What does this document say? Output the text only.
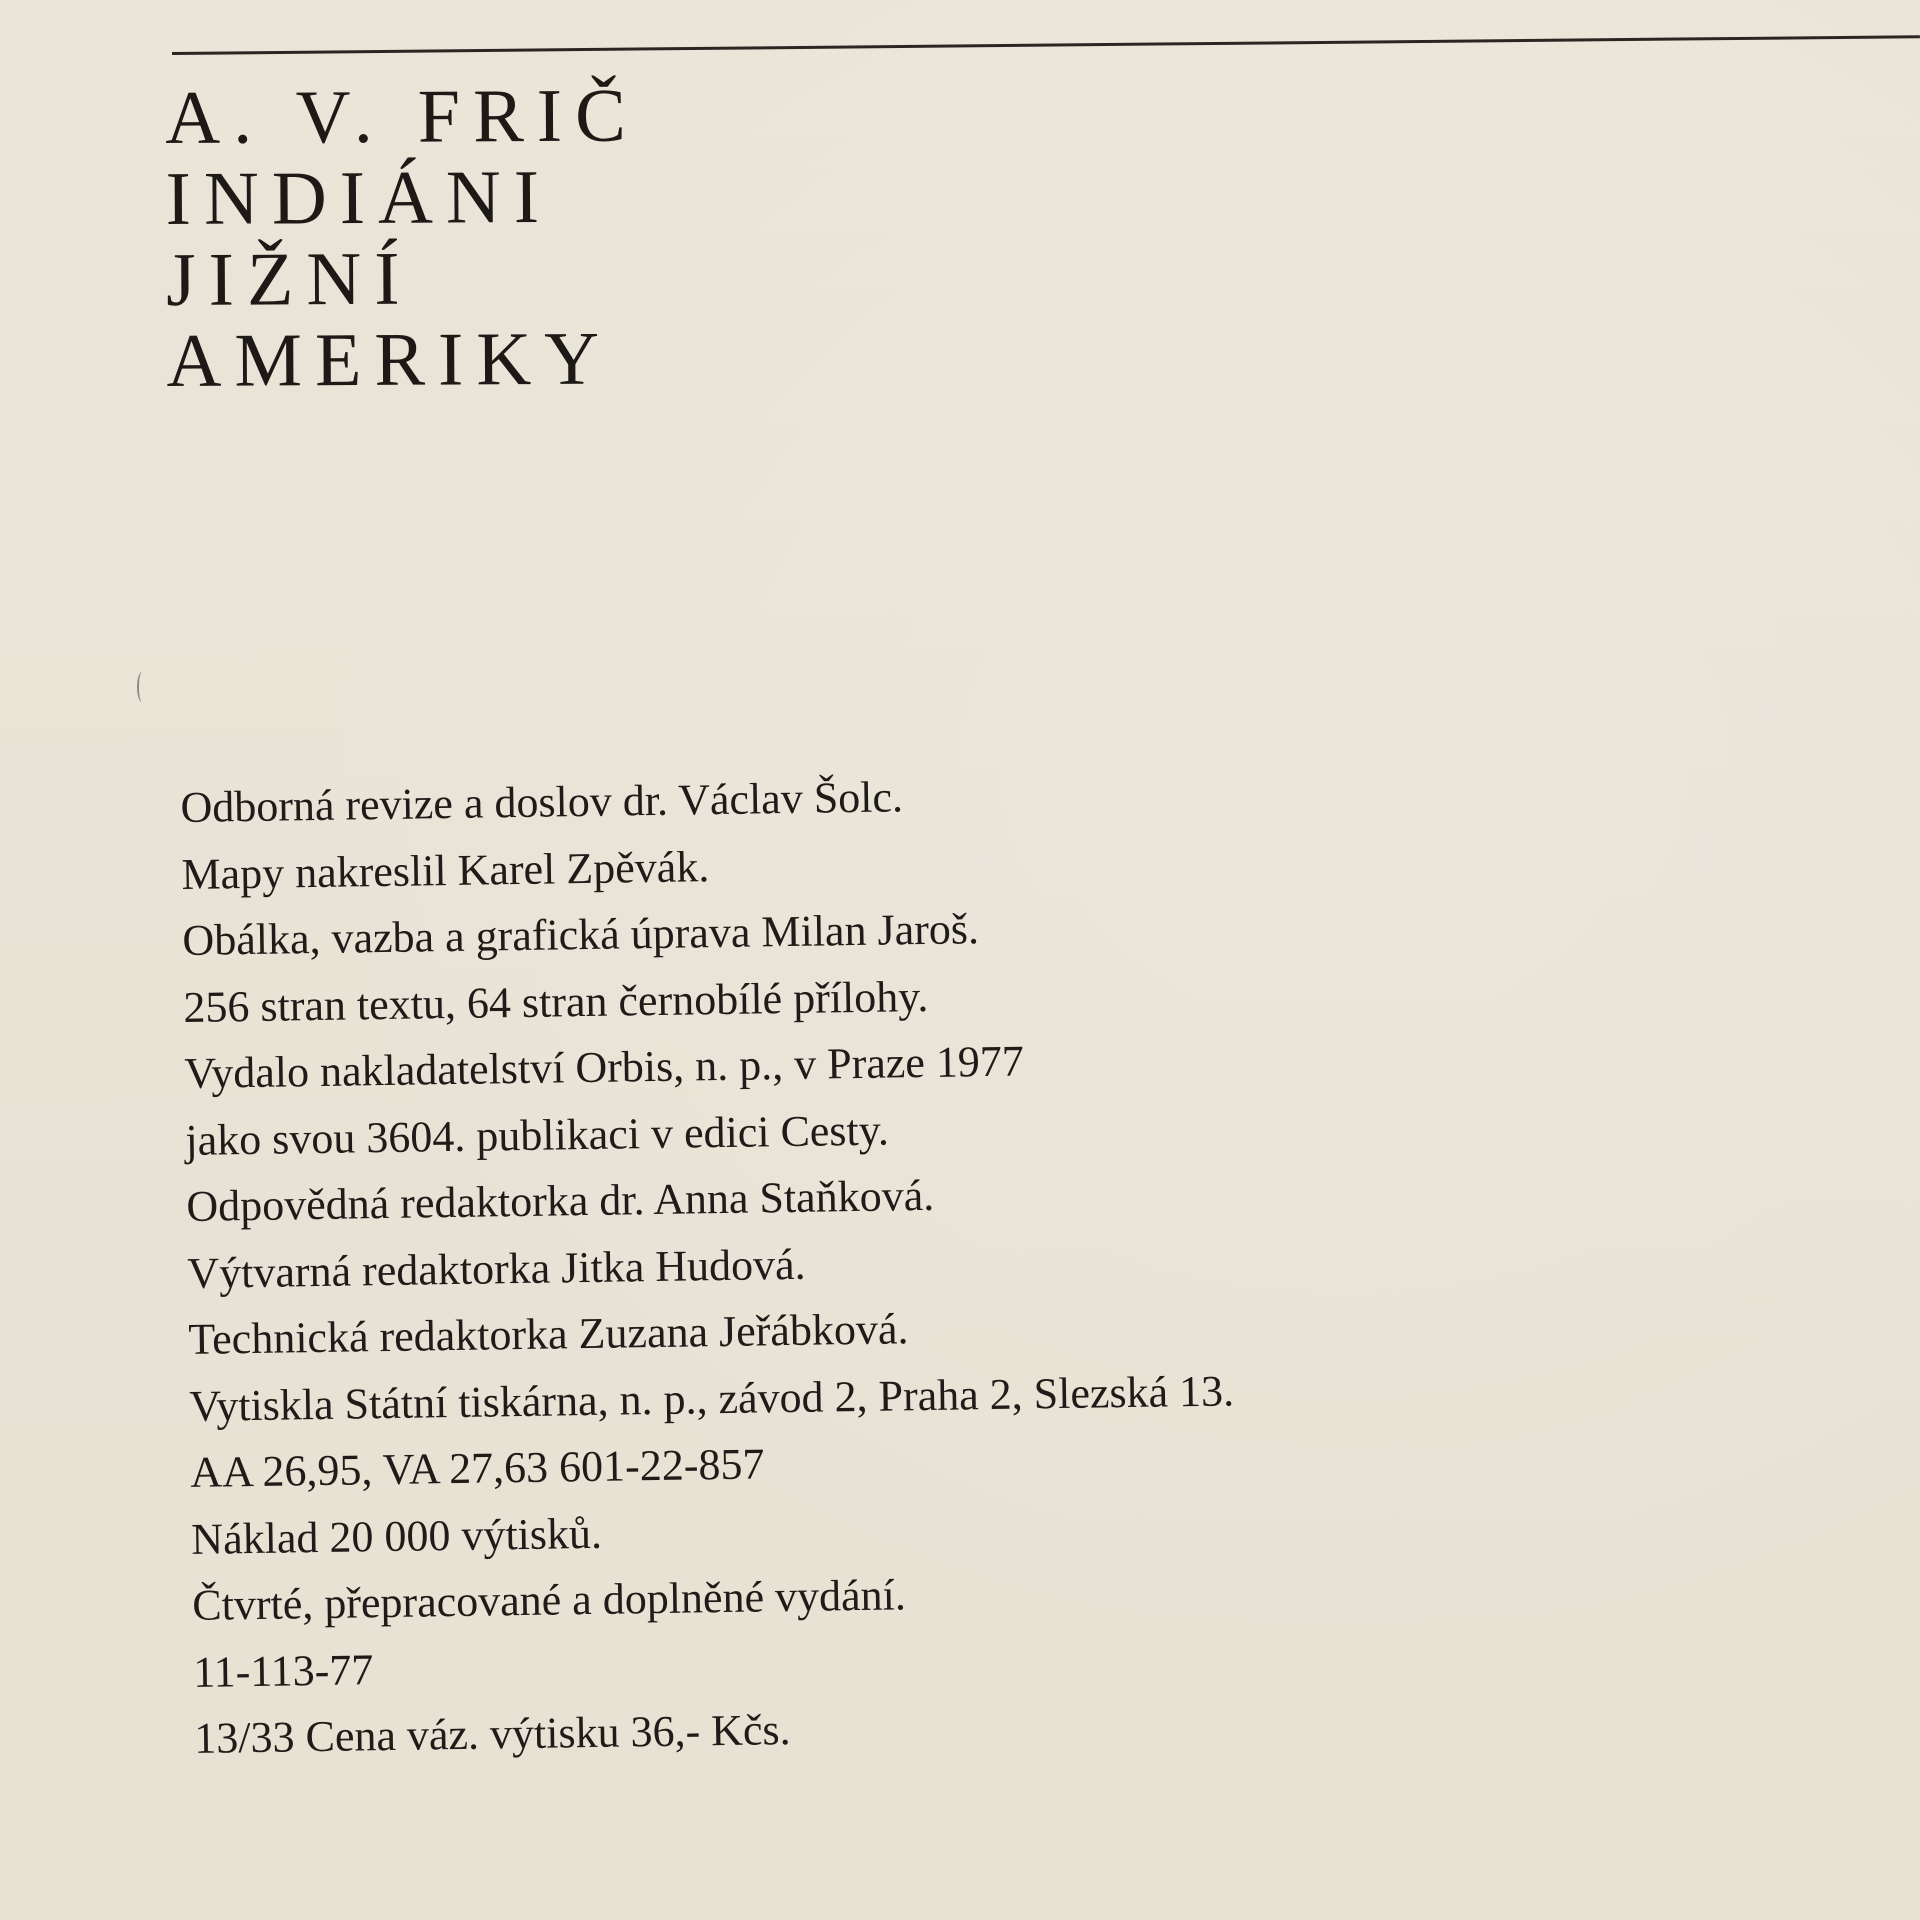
A. V. FRIČ
INDIÁNI
JIŽNÍ
AMERIKY
Odborná revize a doslov dr. Václav Šolc.
Mapy nakreslil Karel Zpěvák.
Obálka, vazba a grafická úprava Milan Jaroš.
256 stran textu, 64 stran černobílé přílohy.
Vydalo nakladatelství Orbis, n. p., v Praze 1977
jako svou 3604. publikaci v edici Cesty.
Odpovědná redaktorka dr. Anna Staňková.
Výtvarná redaktorka Jitka Hudová.
Technická redaktorka Zuzana Jeřábková.
Vytiskla Státní tiskárna, n. p., závod 2, Praha 2, Slezská 13.
AA 26,95, VA 27,63 601-22-857
Náklad 20 000 výtisků.
Čtvrté, přepracované a doplněné vydání.
11-113-77
13/33 Cena váz. výtisku 36,- Kčs.
